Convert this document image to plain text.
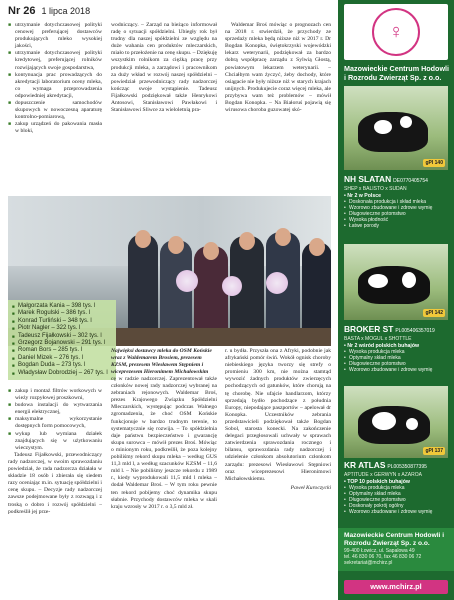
Nr 26 1 lipca 2018
■ utrzymanie dotychczasowej polityki cenowej preferującej dostawców produkujących mleko wysokiej jakości,
■ utrzymanie dotychczasowej polityki kredytowej, preferującej rolników rozwijających swoje gospodarstwa,
■ kontynuacja prac prowadzących do akredytacji laboratorium oceny mleka, co wymaga przeprowadzenia odpowiedniej akredytacji,
■ dopuszczenie samochodów skupowych w nowoczesną aparaturę kontrolno-pomiarową,
■ zakup urządzeń do pakowania masła w bloki,

wodniczący. – Zarząd na bieżąco informował radę o sytuacji spółdzielni. Ubiegły rok był trudny dla naszej spółdzielni ze względu na duże wahania cen produktów mleczarskich, miało to przełożenie na cenę skupu. – Dziękuję wszystkim rolnikom za ciężką pracę przy produkcji mleka, a zarządowi i pracownikom za duży wkład w rozwój naszej spółdzielni – powiedział przewodniczący rady nadzorczej kończąc swoje wystąpienie. Tadeusz Fijałkowski podziękował także Henrykowi Antosowi, Stanisławowi Pawłakowi i Stanisławowi Sliwce za wieloletnią pra-

Waldemar Broś mówiąc o prognozach cen na 2018 r. stwierdził, że przychody ze sprzedaży mleka będą niższe niż w 2017 r. Dr Bogdan Konopka, świętokrzyski wojewódzki lekarz weterynarii, podziękował za bardzo dobrą współpracę zarządu z Sylwią Głostą, powiatowym lekarzem weterynarii. – Chciałbym wam życzyć, żeby dochody, które osiągacie nie były niższe niż w starych krajach unijnych. Produkujecie coraz więcej mleka, ale przybywa wam też problemów – mówił Bogdan Konopka. – Na Białoruś pojawią się wirusowa choroba guzowatej skó-

■ Małgorzata Kania – 398 tys. l
■ Marek Rogulski – 386 tys. l
■ Konrad Turliński – 348 tys. l
■ Piotr Nagler – 322 tys. l
■ Tadeusz Fijałkowski – 302 tys. l
■ Grzegorz Bojanowski – 291 tys. l
■ Roman Bors – 285 tys. l
■ Daniel Mizek – 276 tys. l
■ Bogdan Duda – 273 tys. l
■ Władysław Dobrodziej – 267 tys. l
■ zakup i montaż filtrów workowych w wieży rozpyłowej proszkowni,
■ budowa instalacji do wytwarzania energii elektrycznej,
■ maksymalne wykorzystanie dostępnych form pomocowych,
■ wykup lub wymiana działek znajdujących się w użytkowaniu wieczystym.

Tadeusz Fijałkowski, przewodniczący rady nadzorczej, w swoim sprawozdaniu powiedział, że rada nadzorcza działała w składzie 18 osób i zbierała się siedem razy oceniając m.in. sytuację spółdzielni i cenę skupu. – Decyzje rady nadzorczej zawsze podejmowane były z rozwagą i z troską o dobro i rozwój spółdzielni – podkreślił jej prze-

Najwięksi dostawcy mleka do OSM Końskie wraz z Waldemarem Brosiem, prezesem KZSM, prezesem Wiesławem Stępniem i wiceprezesem Hieronimem Michałowskim

cę w radzie nadzorczej. Zaprezentował także członków nowej rady nadzorczej wybranej na zebraniach rejonowych. Waldemar Broś, prezes Krajowego Związku Spółdzielni Mleczarskich, występując podczas Walnego zgromadzenia, że choć OSM Końskie funkcjonuje w bardzo trudnym terenie, to systematycznie się rozwija. – To spółdzielnia daje państwu bezpieczeństwo i gwarancję skupu surowca – mówił prezes Broś. Mówiąc o minionym roku, podkreślił, że poza kolejny pobiliśmy rekord skupu mleka – według GUS 11,3 mld l, a według szacunków KZSM – 11,6 mld l. – Nie pobiliśmy jeszcze rekordu z 1989 r., kiedy wyprodukowali 11,5 mld l mleka – dodał Waldemar Broś. – W tym roku pewnie ten rekord pobijemy choć dynamika skupu słabnie. Przychody dostawców mleka w skali kraju wzrosły w 2017 r. o 3,5 mld zł.

r. u bydła. Przyszła ona z Afryki, podobnie jak afrykański pomór świń. Wokół ognisk choroby niebieskiego języka tworzy się strefy o promieniu 300 km, nie można stamtąd wywozić żadnych produktów zwierzęcych pochodzących od gatunków, które chorują na tę chorobę. Nie ufajcie handlarzom, którzy sprzedają bydło pochodzące z południa Europy, niepodające paszportów – apelował dr Konopka. Uczestników zebrania przedstawicieli podziękował także Bogdan Sobol, starosta konecki. Na zakończenie delegaci przegłosowali uchwały w sprawach zatwierdzenia sprawozdania rocznego i bilansu, sprawozdania rady nadzorczej i udzielenie członkom absolutorium członkom zarządu: prezesowi Wiesławowi Stępniowi oraz wiceprezesowi Hieronimowi Michałowskiemu.

Paweł Kuroczycki

♀
Mazowieckie Centrum Hodowli i Rozrodu Zwierząt Sp. z o.o.
gPI 140
NH SLATAN DE0770405754
SHEP x BALISTO x SUDAN
• Nr 2 w Polsce
• Doskonała produkcja i skład mleka
• Wzorowo zbudowane i zdrowe wymię
• Długowieczne potomstwo
• Wysoka płodność
• Łatwe porody
gPI 142
BROKER ST PL005406357019
BASTA x MOGUL x SHOTTLE
• Nr 2 wśród polskich buhajów
• Wysoka produkcja mleka
• Optymalny skład mleka
• Długowieczne potomstwo
• Wzorowo zbudowane i zdrowe wymię
gPI 137
KR ATLAS PL005350877395
APTITUDE x GERWYN x AZAROA
• TOP 10 polskich buhajów
• Wysoka produkcja mleka
• Optymalny skład mleka
• Długowieczne potomstwo
• Doskonały pokrój ogólny
• Wzorowo zbudowane i zdrowe wymię
Mazowieckie Centrum Hodowli i Rozrodu Zwierząt Sp. z o.o.
99-400 Łowicz, ul. Sapalowa 49
tel. 46 830 06 70, fax 46 830 06 72
sekretariat@mchirz.pl
www.mchirz.pl
